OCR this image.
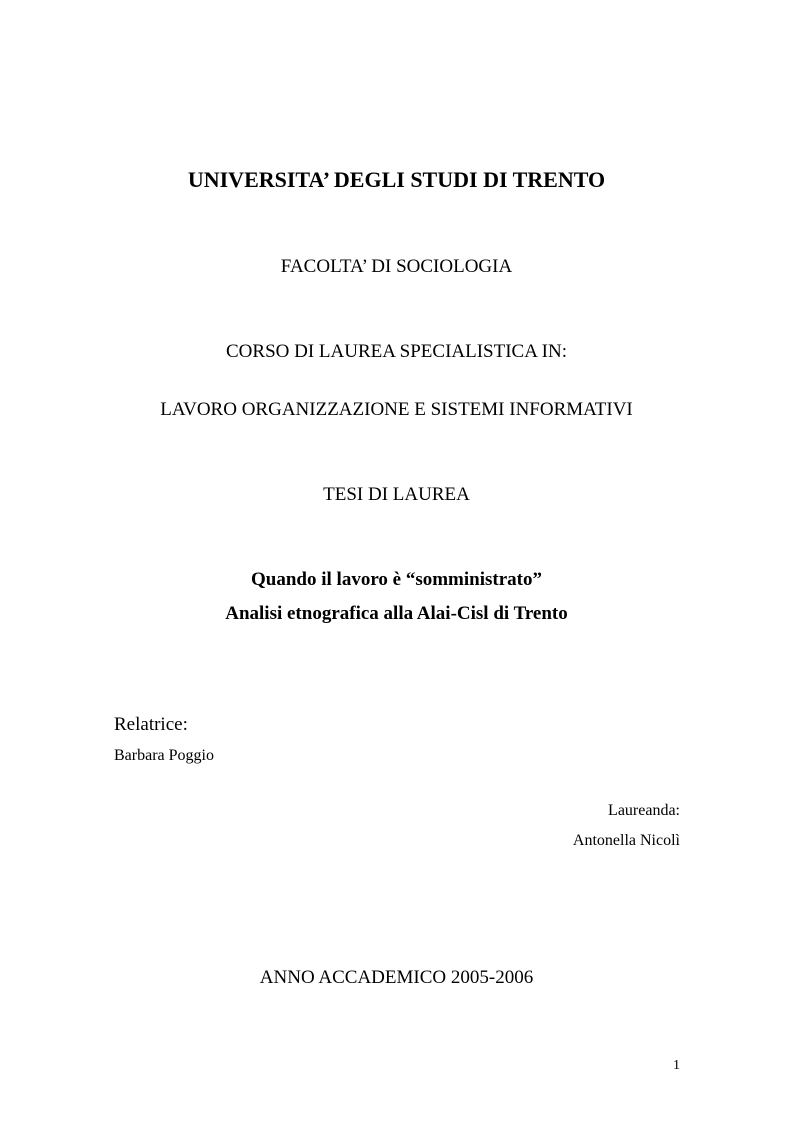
UNIVERSITA’ DEGLI STUDI DI TRENTO
FACOLTA’ DI SOCIOLOGIA
CORSO DI LAUREA SPECIALISTICA IN:
LAVORO ORGANIZZAZIONE E SISTEMI INFORMATIVI
TESI DI LAUREA
Quando il lavoro è “somministrato”
Analisi etnografica alla Alai-Cisl di Trento
Relatrice:
Barbara Poggio
Laureanda:
Antonella Nicolì
ANNO ACCADEMICO 2005-2006
1
